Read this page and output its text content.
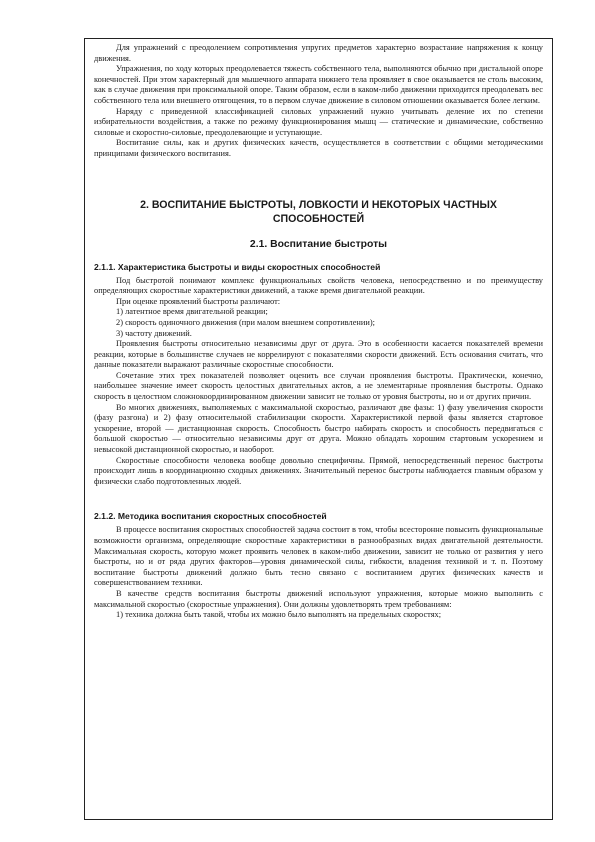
Для упражнений с преодолением сопротивления упругих предметов характерно возрастание напряжения к концу движения.

Упражнения, по ходу которых преодолевается тяжесть собственного тела, выполняются обычно при дистальной опоре конечностей. При этом характерный для мышечного аппарата нижнего тела проявляет в свое оказывается не столь высоким, как в случае движения при проксимальной опоре. Таким образом, если в каком-либо движении приходится преодолевать вес собственного тела или внешнего отягощения, то в первом случае движение в силовом отношении оказывается более легким.

Наряду с приведенной классификацией силовых упражнений нужно учитывать деление их по степени избирательности воздействия, а также по режиму функционирования мышц — статические и динамические, собственно силовые и скоростно-силовые, преодолевающие и уступающие.

Воспитание силы, как и других физических качеств, осуществляется в соответствии с общими методическими принципами физического воспитания.

2. ВОСПИТАНИЕ БЫСТРОТЫ, ЛОВКОСТИ И НЕКОТОРЫХ ЧАСТНЫХ СПОСОБНОСТЕЙ
2.1. Воспитание быстроты
2.1.1. Характеристика быстроты и виды скоростных способностей

Под быстротой понимают комплекс функциональных свойств человека, непосредственно и по преимуществу определяющих скоростные характеристики движений, а также время двигательной реакции.

При оценке проявлений быстроты различают:

1) латентное время двигательной реакции;

2) скорость одиночного движения (при малом внешнем сопротивлении);

3) частоту движений.

Проявления быстроты относительно независимы друг от друга. Это в особенности касается показателей времени реакции, которые в большинстве случаев не коррелируют с показателями скорости движений. Есть основания считать, что данные показатели выражают различные скоростные способности.

Сочетание этих трех показателей позволяет оценить все случаи проявления быстроты. Практически, конечно, наибольшее значение имеет скорость целостных двигательных актов, а не элементарные проявления быстроты. Однако скорость в целостном сложнокоординированном движении зависит не только от уровня быстроты, но и от других причин.

Во многих движениях, выполняемых с максимальной скоростью, различают две фазы: 1) фазу увеличения скорости (фазу разгона) и 2) фазу относительной стабилизации скорости. Характеристикой первой фазы является стартовое ускорение, второй — дистанционная скорость. Способность быстро набирать скорость и способность передвигаться с большой скоростью — относительно независимы друг от друга. Можно обладать хорошим стартовым ускорением и невысокой дистанционной скоростью, и наоборот.

Скоростные способности человека вообще довольно специфичны. Прямой, непосредственный перенос быстроты происходит лишь в координационно сходных движениях. Значительный перенос быстроты наблюдается главным образом у физически слабо подготовленных людей.

2.1.2. Методика воспитания скоростных способностей

В процессе воспитания скоростных способностей задача состоит в том, чтобы всесторонне повысить функциональные возможности организма, определяющие скоростные характеристики в разнообразных видах двигательной деятельности. Максимальная скорость, которую может проявить человек в каком-либо движении, зависит не только от развития у него быстроты, но и от ряда других факторов—уровня динамической силы, гибкости, владения техникой и т. п. Поэтому воспитание быстроты движений должно быть тесно связано с воспитанием других физических качеств и совершенствованием техники.

В качестве средств воспитания быстроты движений используют упражнения, которые можно выполнить с максимальной скоростью (скоростные упражнения). Они должны удовлетворять трем требованиям:

1) техника должна быть такой, чтобы их можно было выполнять на предельных скоростях;
